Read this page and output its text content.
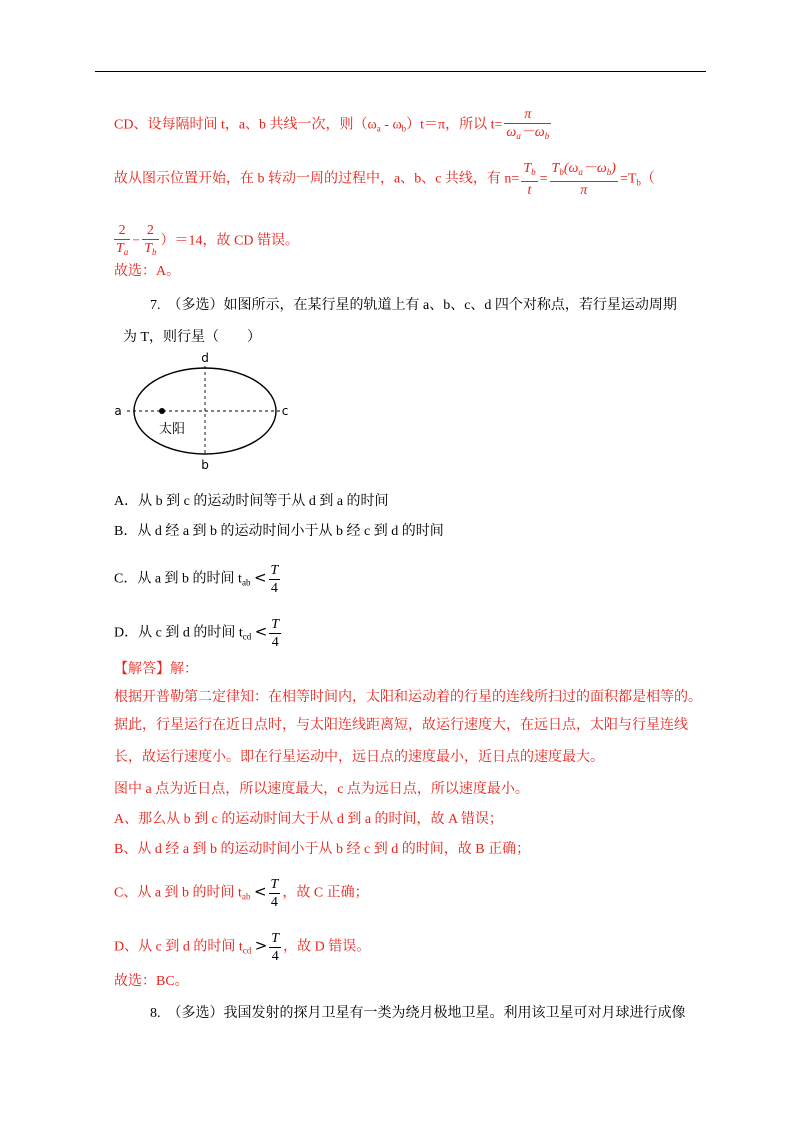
CD、设每隔时间 t，a、b 共线一次，则$(\omega_a - \omega_b)t=\pi$，所以 $t= \frac{\pi}{\omega_a-\omega_b}$
故从图示位置开始，在 b 转动一周的过程中，a、b、c 共线，有 $n= \frac{T_b}{t} = \frac{T_b(\omega_a-\omega_b)}{\pi} =T_b$（
$\frac{2}{T_a} - \frac{2}{T_b} )=14$，故 CD 错误。
故选：A。
7.　（多选）如图所示，在某行星的轨道上有 a、b、c、d 四个对称点，若行星运动周期
为 T，则行星（　　）
d
a	c
b
太阳
A．从 b 到 c 的运动时间等于从 d 到 a 的时间
B．从 d 经 a 到 b 的运动时间小于从 b 经 c 到 d 的时间
C．从 a 到 b 的时间 $t_{ab} < \frac{T}{4}$
D．从 c 到 d 的时间 $t_{cd} < \frac{T}{4}$
【解答】解：
根据开普勒第二定律知：在相等时间内，太阳和运动着的行星的连线所扫过的面积都是相等的。
据此，行星运行在近日点时，与太阳连线距离短，故运行速度大，在远日点，太阳与行星连线
长，故运行速度小。即在行星运动中，远日点的速度最小，近日点的速度最大。
图中 a 点为近日点，所以速度最大，c 点为远日点，所以速度最小。
A、那么从 b 到 c 的运动时间大于从 d 到 a 的时间，故 A 错误；
B、从 d 经 a 到 b 的运动时间小于从 b 经 c 到 d 的时间，故 B 正确；
C、从 a 到 b 的时间 $t_{ab} < \frac{T}{4}$ ，故 C 正确；
D、从 c 到 d 的时间 $t_{cd} > \frac{T}{4}$ ，故 D 错误。
故选：BC。
8.　（多选）我国发射的探月卫星有一类为绕月极地卫星。利用该卫星可对月球进行成像
